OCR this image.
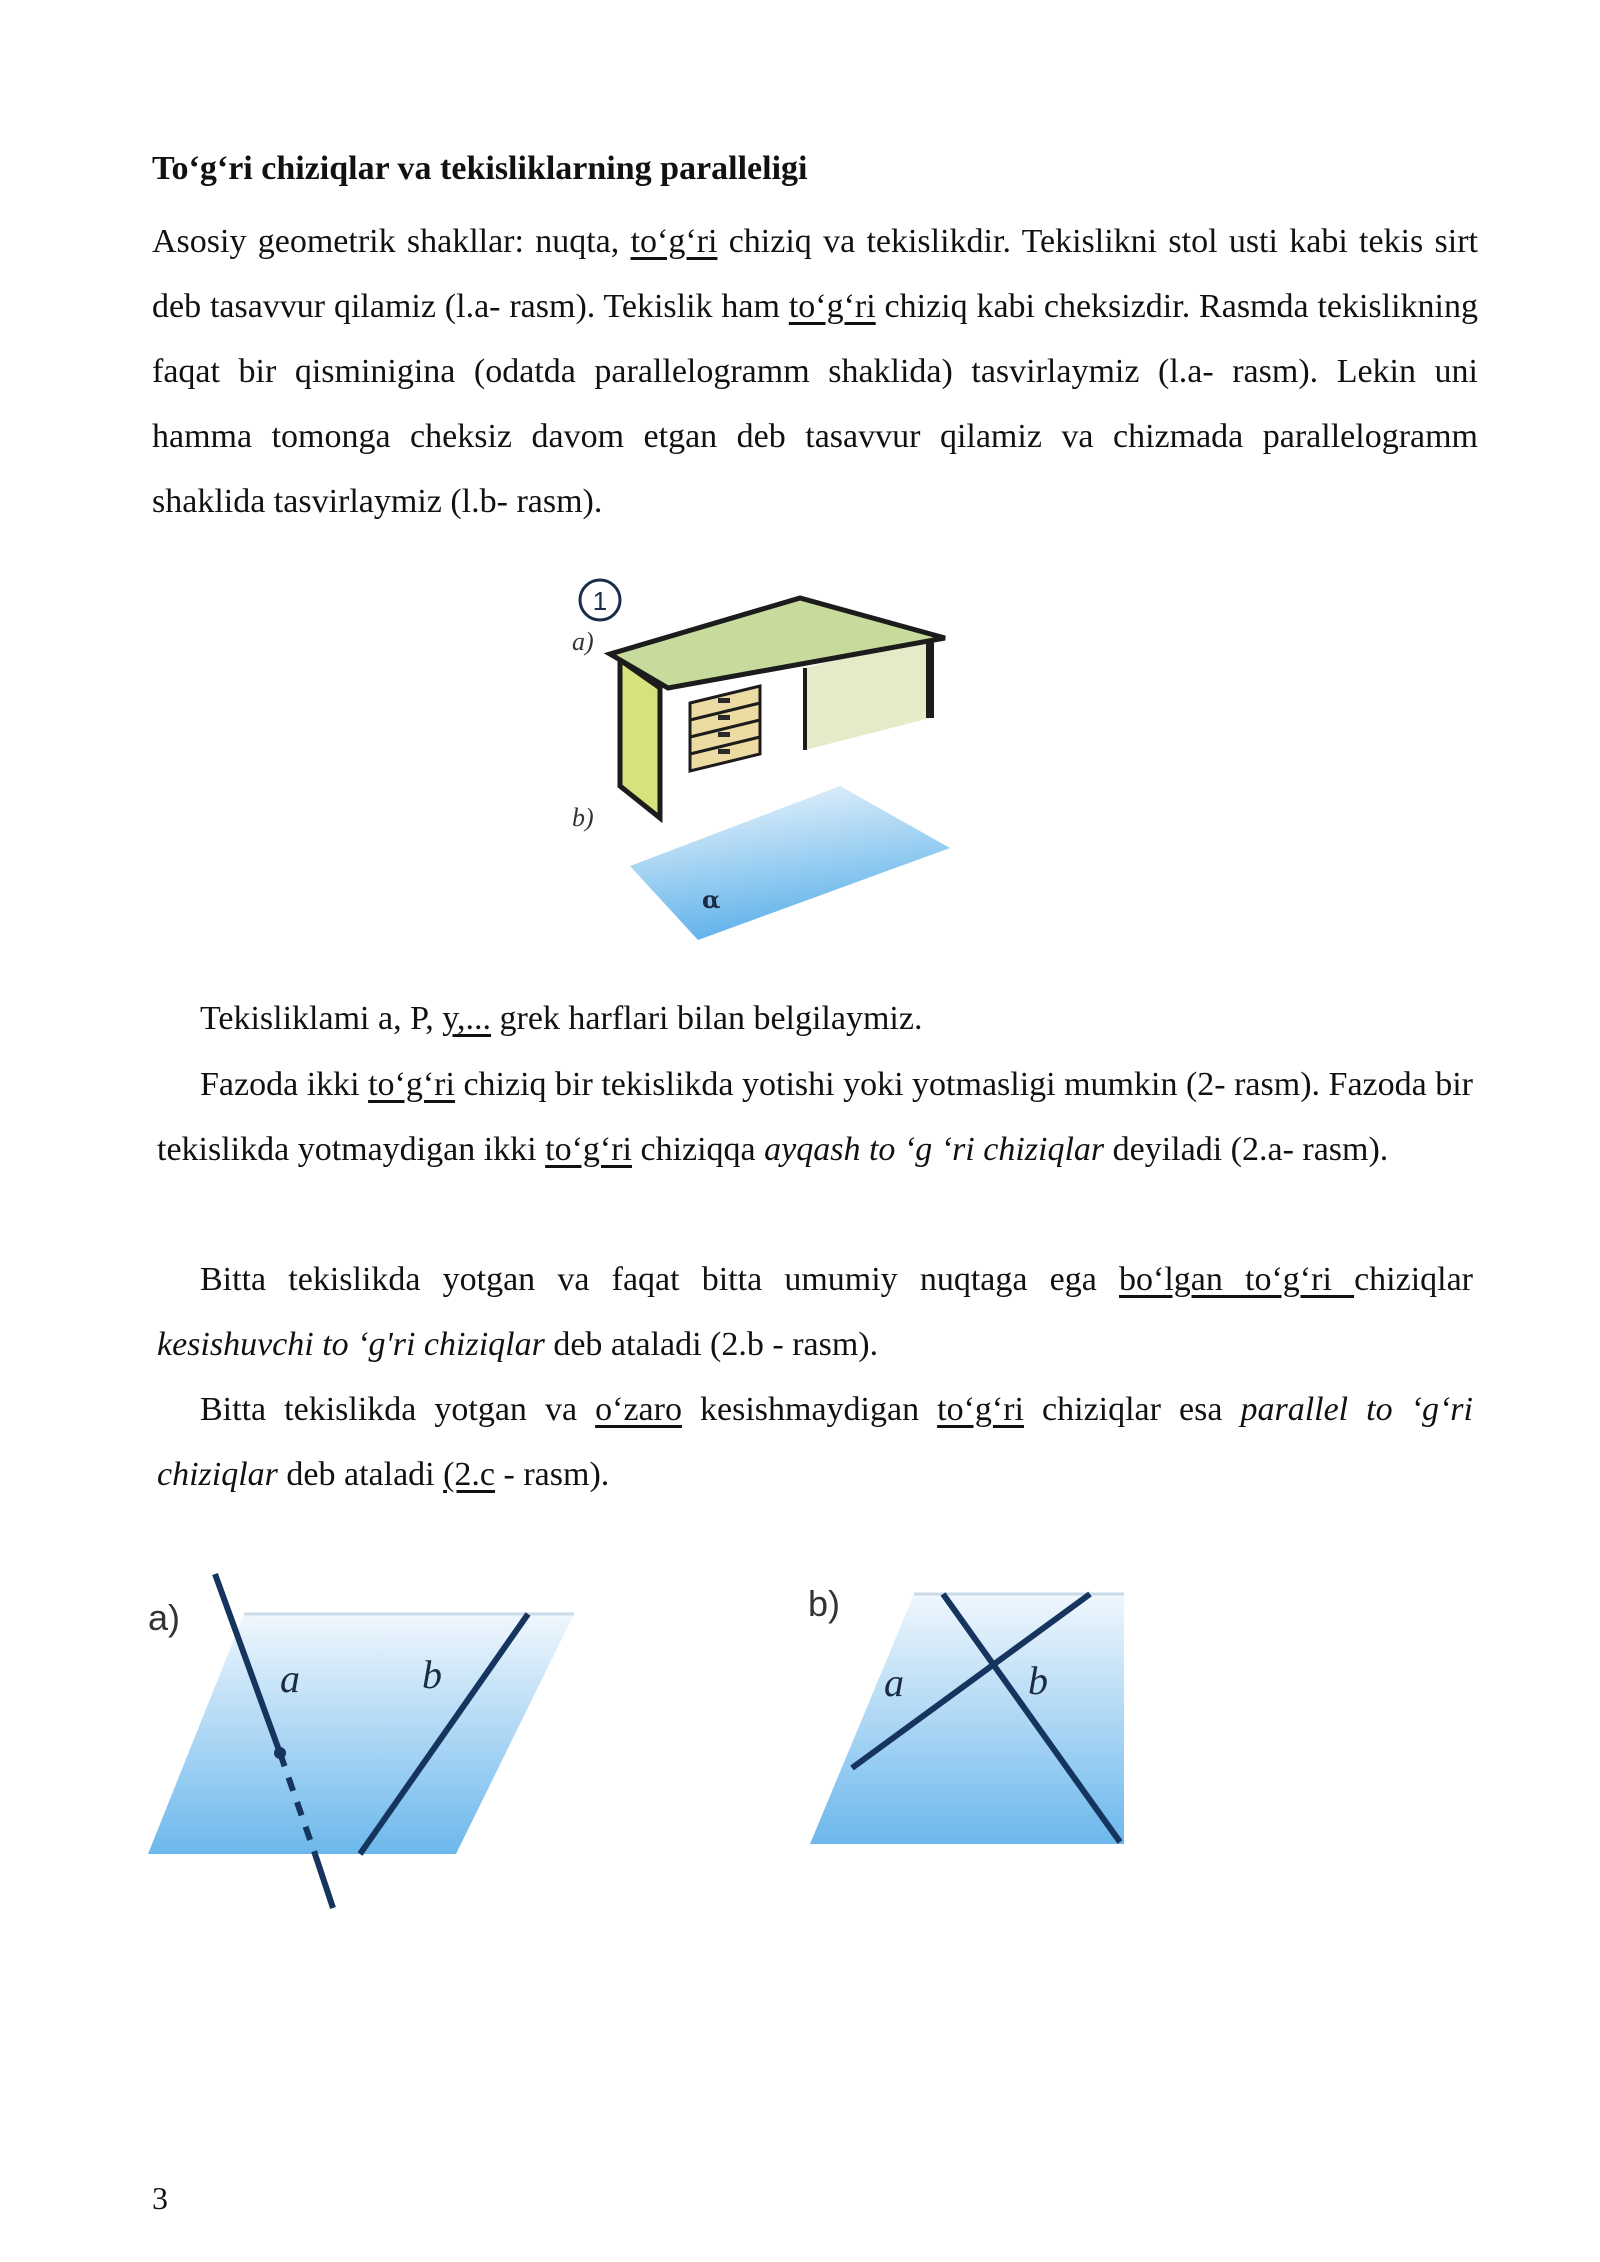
To‘g‘ri chiziqlar va tekisliklarning paralleligi
Asosiy geometrik shakllar: nuqta, to‘g‘ri chiziq va tekislikdir. Tekislikni stol usti kabi tekis sirt deb tasavvur qilamiz (l.a- rasm). Tekislik ham to‘g‘ri chiziq kabi cheksizdir. Rasmda tekislikning faqat bir qisminigina (odatda parallelogramm shaklida) tasvirlaymiz (l.a- rasm). Lekin uni hamma tomonga cheksiz davom etgan deb tasavvur qilamiz va chizmada parallelogramm shaklida tasvirlaymiz (l.b- rasm).
1
a)
b)
α
Tekisliklami a, P, y,... grek harflari bilan belgilaymiz.
Fazoda ikki to‘g‘ri chiziq bir tekislikda yotishi yoki yotmasligi mumkin (2- rasm). Fazoda bir tekislikda yotmaydigan ikki to‘g‘ri chiziqqa ayqash to ‘g ‘ri chiziqlar deyiladi (2.a- rasm).
Bitta tekislikda yotgan va faqat bitta umumiy nuqtaga ega bo‘lgan to‘g‘ri chiziqlar kesishuvchi to ‘g'ri chiziqlar deb ataladi (2.b - rasm).
Bitta tekislikda yotgan va o‘zaro kesishmaydigan to‘g‘ri chiziqlar esa parallel to ‘g‘ri chiziqlar deb ataladi (2.c - rasm).
a)
a	b
b)
a	b
3
